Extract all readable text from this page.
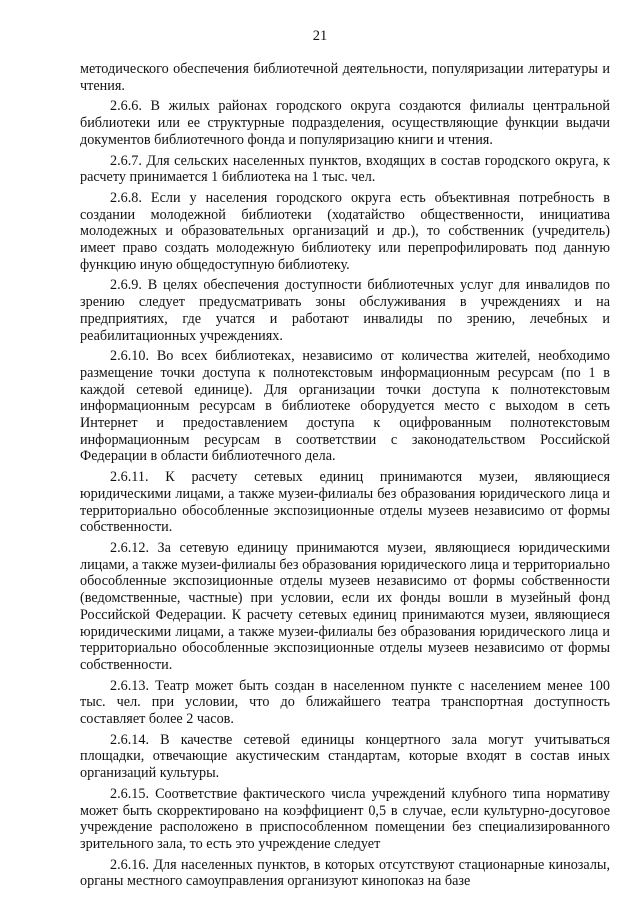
21

методического обеспечения библиотечной деятельности, популяризации литературы и чтения.

2.6.6. В жилых районах городского округа создаются филиалы центральной библиотеки или ее структурные подразделения, осуществляющие функции выдачи документов библиотечного фонда и популяризацию книги и чтения.

2.6.7. Для сельских населенных пунктов, входящих в состав городского округа, к расчету принимается 1 библиотека на 1 тыс. чел.

2.6.8. Если у населения городского округа есть объективная потребность в создании молодежной библиотеки (ходатайство общественности, инициатива молодежных и образовательных организаций и др.), то собственник (учредитель) имеет право создать молодежную библиотеку или перепрофилировать под данную функцию иную общедоступную библиотеку.

2.6.9. В целях обеспечения доступности библиотечных услуг для инвалидов по зрению следует предусматривать зоны обслуживания в учреждениях и на предприятиях, где учатся и работают инвалиды по зрению, лечебных и реабилитационных учреждениях.

2.6.10. Во всех библиотеках, независимо от количества жителей, необходимо размещение точки доступа к полнотекстовым информационным ресурсам (по 1 в каждой сетевой единице). Для организации точки доступа к полнотекстовым информационным ресурсам в библиотеке оборудуется место с выходом в сеть Интернет и предоставлением доступа к оцифрованным полнотекстовым информационным ресурсам в соответствии с законодательством Российской Федерации в области библиотечного дела.

2.6.11. К расчету сетевых единиц принимаются музеи, являющиеся юридическими лицами, а также музеи-филиалы без образования юридического лица и территориально обособленные экспозиционные отделы музеев независимо от формы собственности.

2.6.12. За сетевую единицу принимаются музеи, являющиеся юридическими лицами, а также музеи-филиалы без образования юридического лица и территориально обособленные экспозиционные отделы музеев независимо от формы собственности (ведомственные, частные) при условии, если их фонды вошли в музейный фонд Российской Федерации. К расчету сетевых единиц принимаются музеи, являющиеся юридическими лицами, а также музеи-филиалы без образования юридического лица и территориально обособленные экспозиционные отделы музеев независимо от формы собственности.

2.6.13. Театр может быть создан в населенном пункте с населением менее 100 тыс. чел. при условии, что до ближайшего театра транспортная доступность составляет более 2 часов.

2.6.14. В качестве сетевой единицы концертного зала могут учитываться площадки, отвечающие акустическим стандартам, которые входят в состав иных организаций культуры.

2.6.15. Соответствие фактического числа учреждений клубного типа нормативу может быть скорректировано на коэффициент 0,5 в случае, если культурно-досуговое учреждение расположено в приспособленном помещении без специализированного зрительного зала, то есть это учреждение следует

2.6.16. Для населенных пунктов, в которых отсутствуют стационарные кинозалы, органы местного самоуправления организуют кинопоказ на базе
